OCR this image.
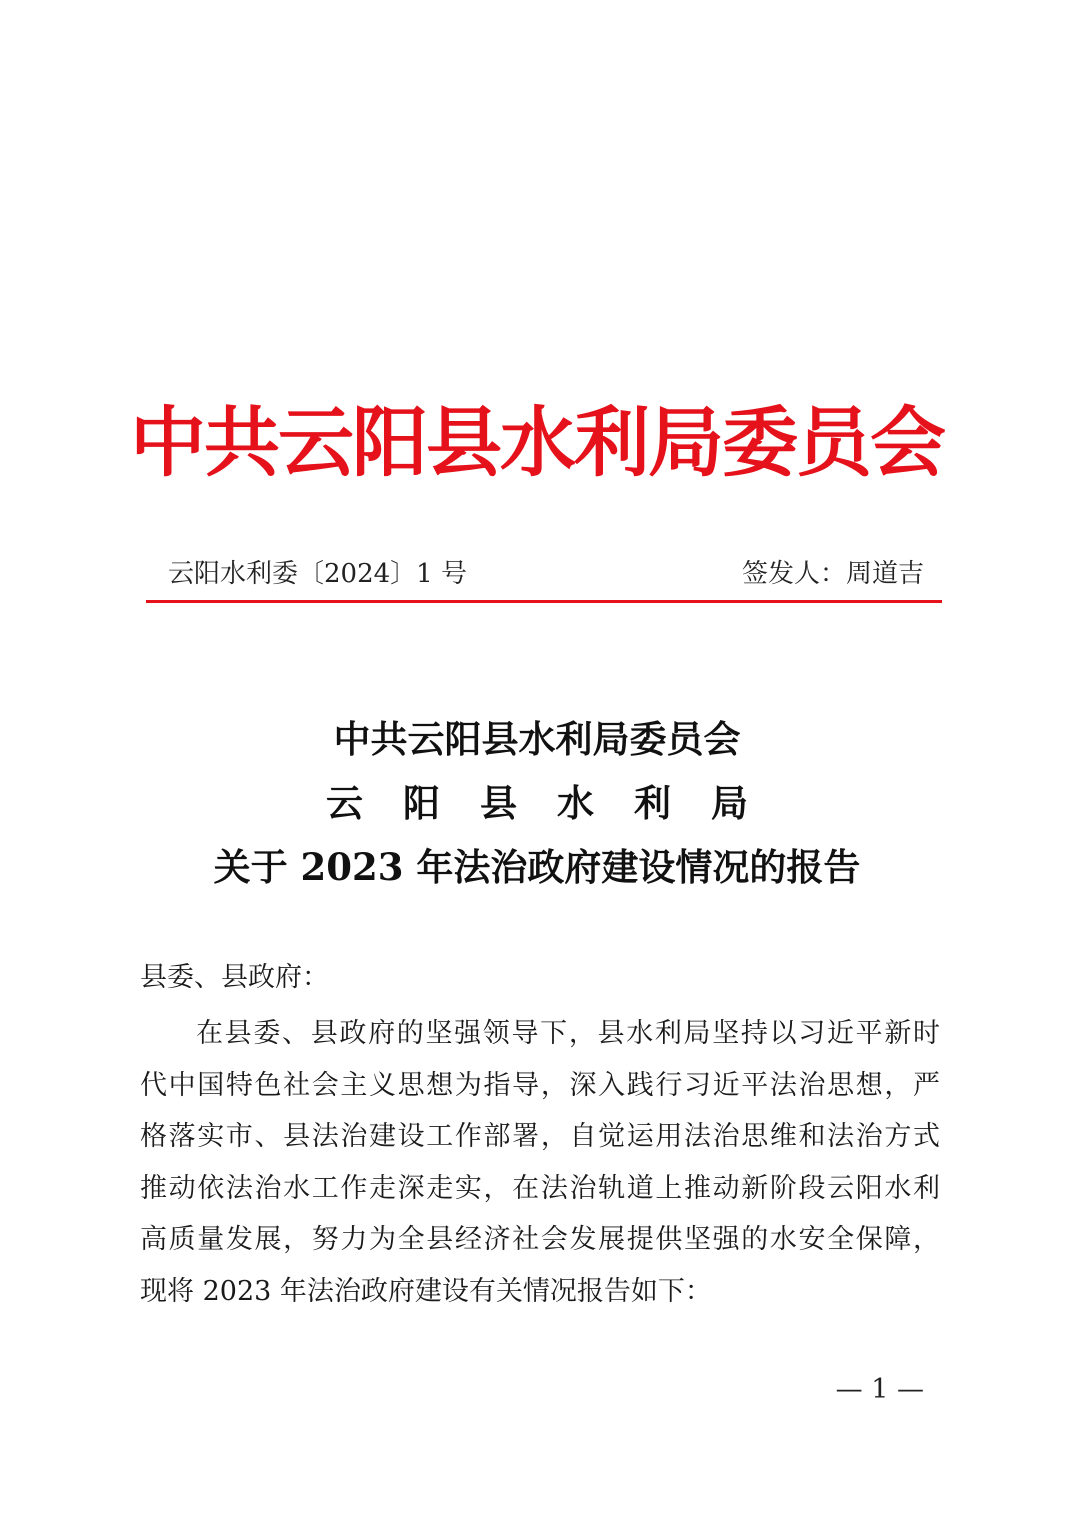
中共云阳县水利局委员会
云阳水利委〔2024〕1 号	签发人：周道吉
中共云阳县水利局委员会
云阳县水利局
关于 2023 年法治政府建设情况的报告
县委、县政府：
在县委、县政府的坚强领导下，县水利局坚持以习近平新时
代中国特色社会主义思想为指导，深入践行习近平法治思想，严
格落实市、县法治建设工作部署，自觉运用法治思维和法治方式
推动依法治水工作走深走实，在法治轨道上推动新阶段云阳水利
高质量发展，努力为全县经济社会发展提供坚强的水安全保障，
现将 2023 年法治政府建设有关情况报告如下：
— 1 —
